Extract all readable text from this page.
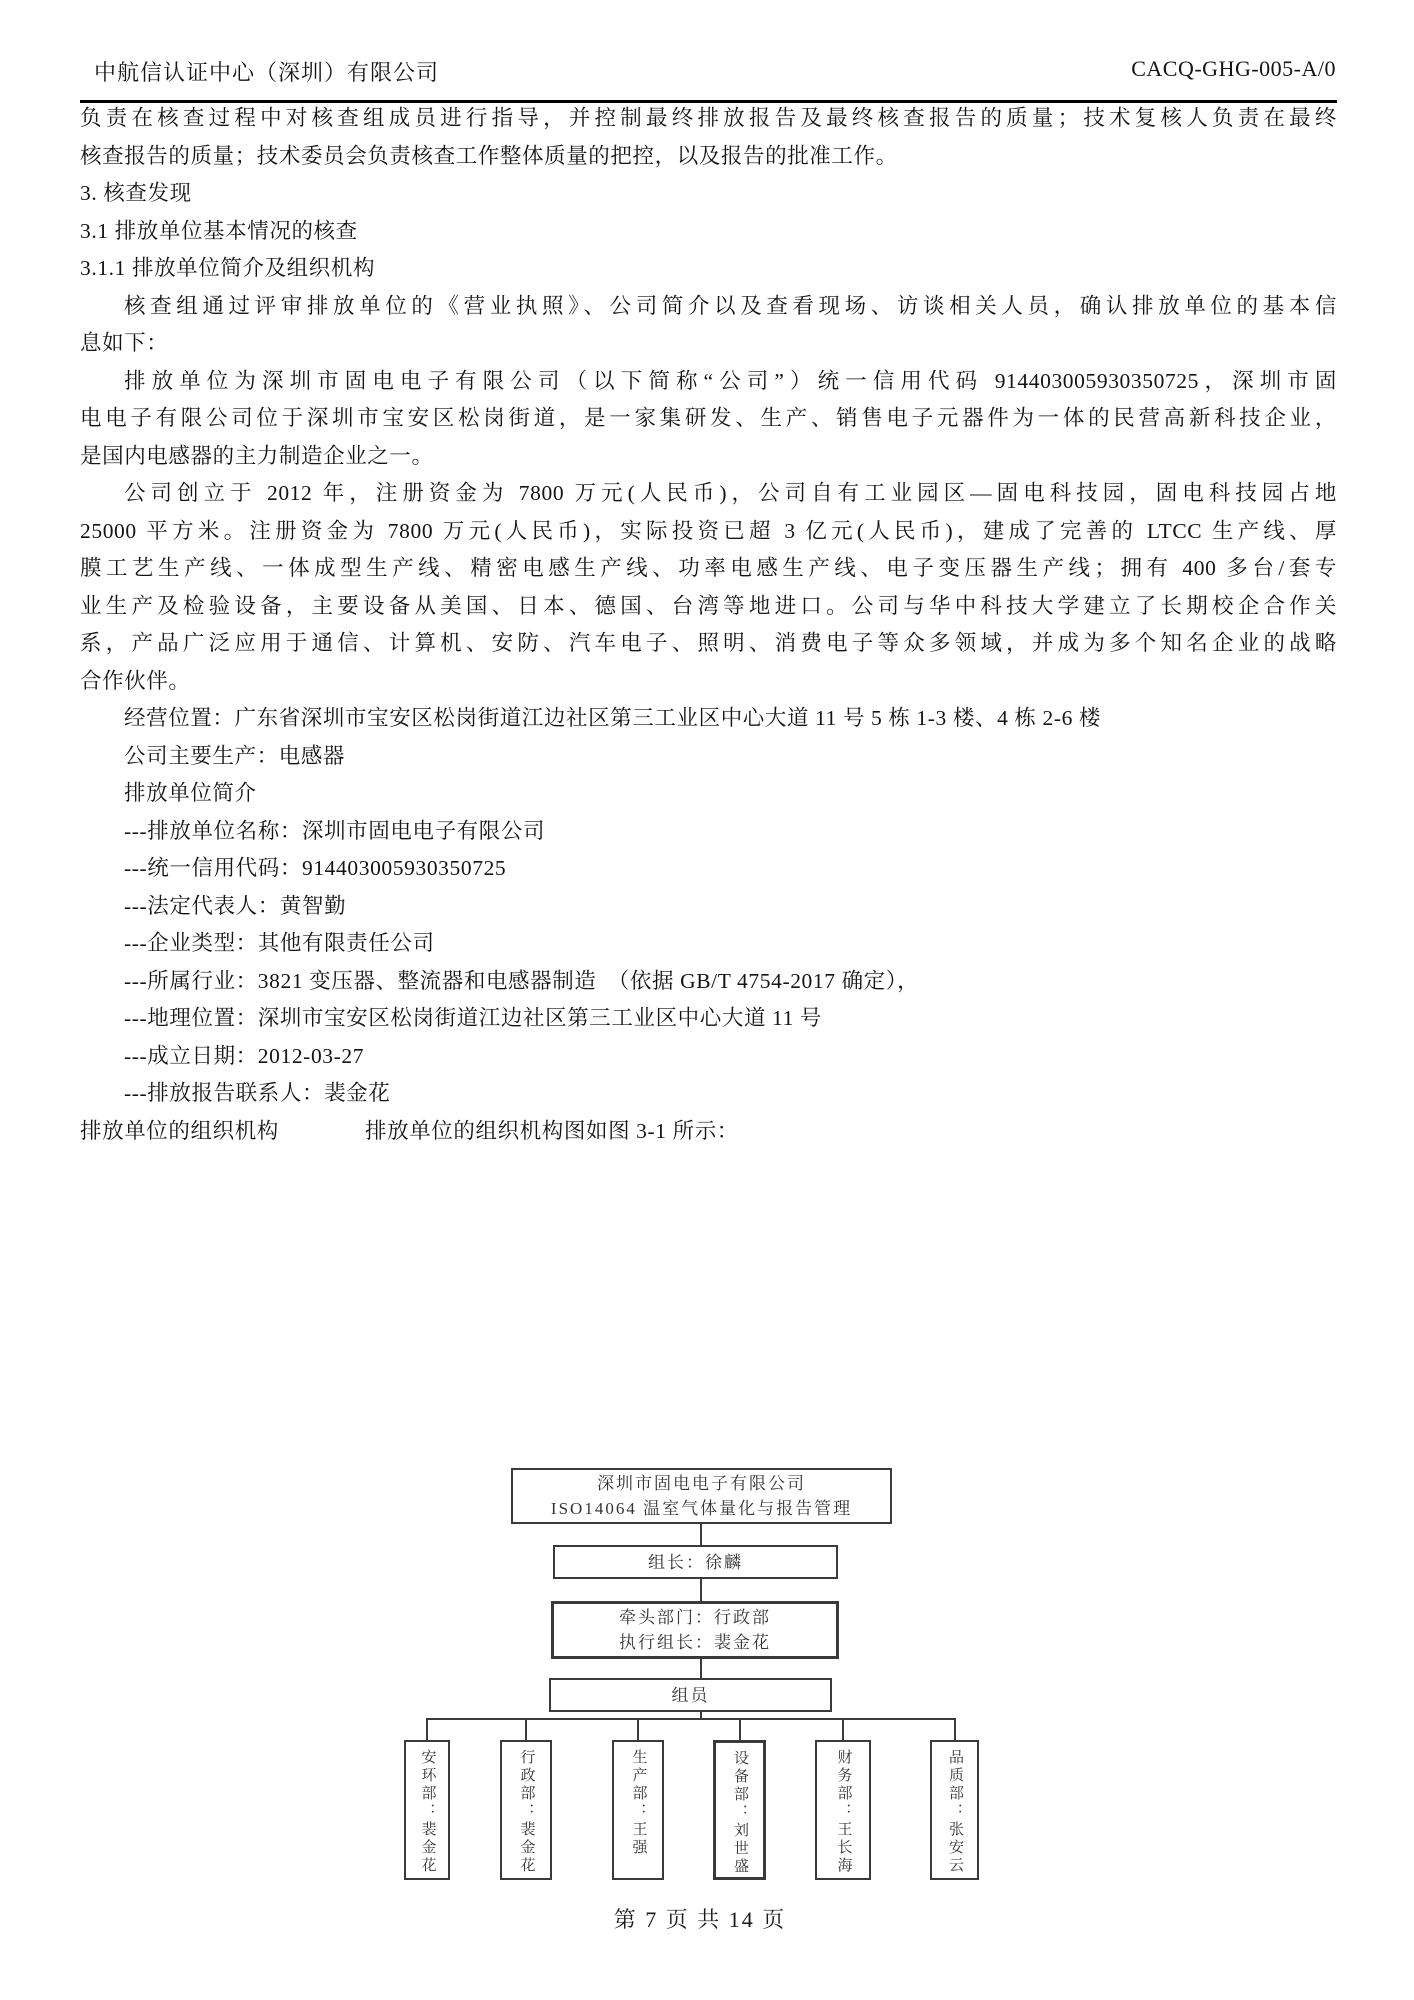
中航信认证中心（深圳）有限公司	CACQ-GHG-005-A/0
负责在核查过程中对核查组成员进行指导，并控制最终排放报告及最终核查报告的质量；技术复核人负责在最终
核查报告的质量；技术委员会负责核查工作整体质量的把控，以及报告的批准工作。
3. 核查发现
3.1 排放单位基本情况的核查
3.1.1 排放单位简介及组织机构
核查组通过评审排放单位的《营业执照》、公司简介以及查看现场、访谈相关人员，确认排放单位的基本信
息如下：
排放单位为深圳市固电电子有限公司（以下简称“公司”）统一信用代码 914403005930350725，深圳市固
电电子有限公司位于深圳市宝安区松岗街道，是一家集研发、生产、销售电子元器件为一体的民营高新科技企业，
是国内电感器的主力制造企业之一。
公司创立于 2012 年，注册资金为 7800 万元(人民币)，公司自有工业园区—固电科技园，固电科技园占地
25000 平方米。注册资金为 7800 万元(人民币)，实际投资已超 3 亿元(人民币)，建成了完善的 LTCC 生产线、厚
膜工艺生产线、一体成型生产线、精密电感生产线、功率电感生产线、电子变压器生产线；拥有 400 多台/套专
业生产及检验设备，主要设备从美国、日本、德国、台湾等地进口。公司与华中科技大学建立了长期校企合作关
系，产品广泛应用于通信、计算机、安防、汽车电子、照明、消费电子等众多领域，并成为多个知名企业的战略
合作伙伴。
经营位置：广东省深圳市宝安区松岗街道江边社区第三工业区中心大道 11 号 5 栋 1-3 楼、4 栋 2-6 楼
公司主要生产：电感器
排放单位简介
---排放单位名称：深圳市固电电子有限公司
---统一信用代码：914403005930350725
---法定代表人：黄智勤
---企业类型：其他有限责任公司
---所属行业：3821 变压器、整流器和电感器制造　（依据 GB/T 4754-2017 确定），
---地理位置：深圳市宝安区松岗街道江边社区第三工业区中心大道 11 号
---成立日期：2012-03-27
---排放报告联系人：裴金花
排放单位的组织机构	排放单位的组织机构图如图 3-1 所示：
深圳市固电电子有限公司
ISO14064 温室气体量化与报告管理
组长：徐麟
牵头部门：行政部
执行组长：裴金花
组员
安环部：裴金花	行政部：裴金花	生产部：王强	设备部：刘世盛	财务部：王长海	品质部：张安云
第 7 页 共 14 页
